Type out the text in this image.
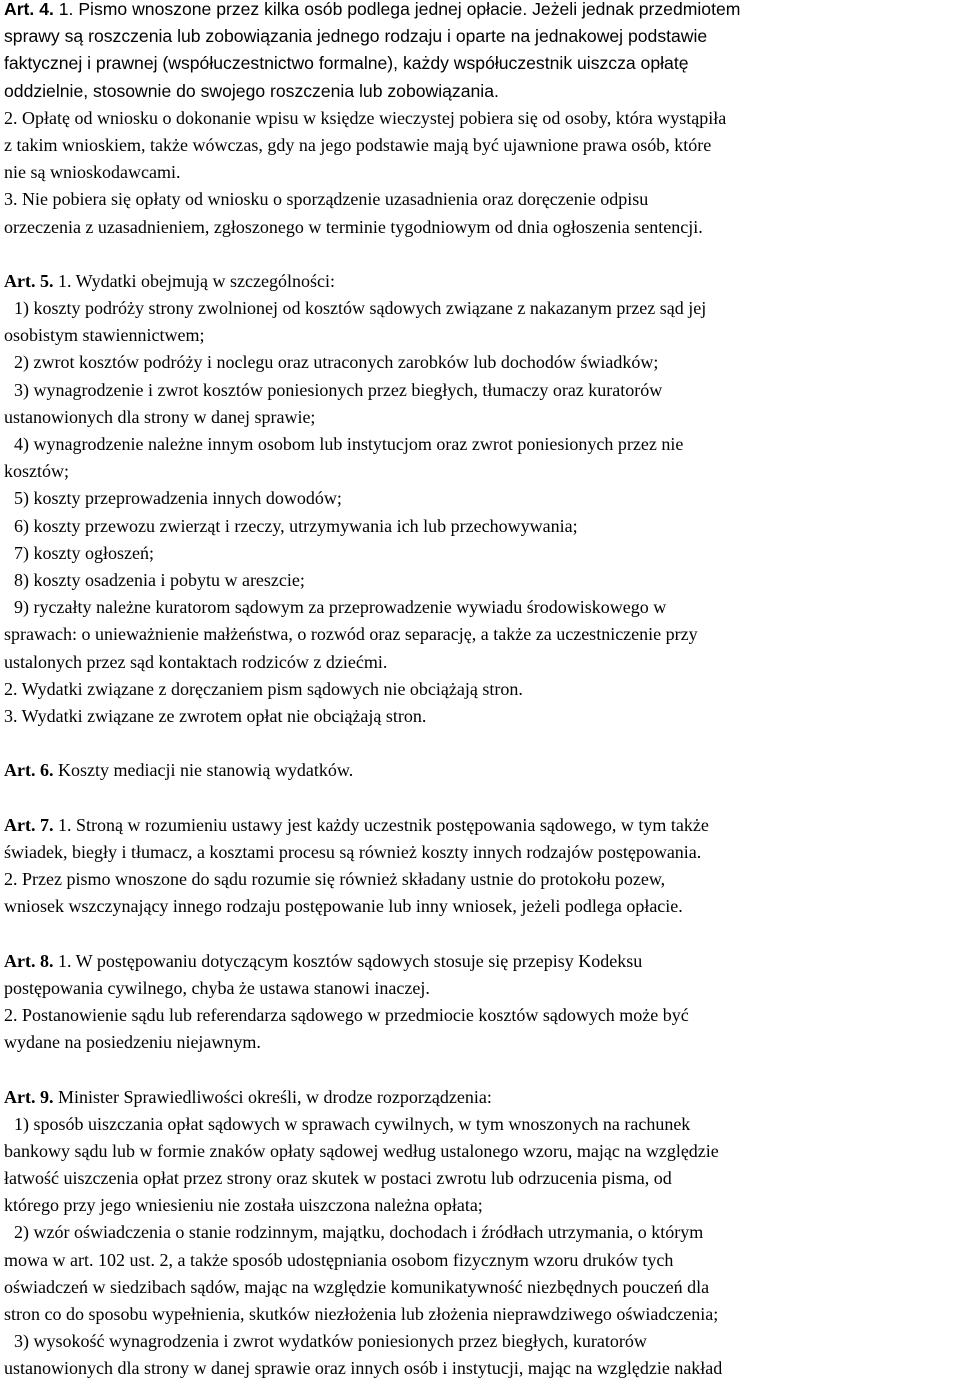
Art. 4. 1. Pismo wnoszone przez kilka osób podlega jednej opłacie. Jeżeli jednak przedmiotem
sprawy są roszczenia lub zobowiązania jednego rodzaju i oparte na jednakowej podstawie
faktycznej i prawnej (współuczestnictwo formalne), każdy współuczestnik uiszcza opłatę
oddzielnie, stosownie do swojego roszczenia lub zobowiązania.
2. Opłatę od wniosku o dokonanie wpisu w księdze wieczystej pobiera się od osoby, która wystąpiła
z takim wnioskiem, także wówczas, gdy na jego podstawie mają być ujawnione prawa osób, które
nie są wnioskodawcami.
3. Nie pobiera się opłaty od wniosku o sporządzenie uzasadnienia oraz doręczenie odpisu
orzeczenia z uzasadnieniem, zgłoszonego w terminie tygodniowym od dnia ogłoszenia sentencji.
Art. 5. 1. Wydatki obejmują w szczególności:
1) koszty podróży strony zwolnionej od kosztów sądowych związane z nakazanym przez sąd jej
osobistym stawiennictwem;
2) zwrot kosztów podróży i noclegu oraz utraconych zarobków lub dochodów świadków;
3) wynagrodzenie i zwrot kosztów poniesionych przez biegłych, tłumaczy oraz kuratorów
ustanowionych dla strony w danej sprawie;
4) wynagrodzenie należne innym osobom lub instytucjom oraz zwrot poniesionych przez nie
kosztów;
5) koszty przeprowadzenia innych dowodów;
6) koszty przewozu zwierząt i rzeczy, utrzymywania ich lub przechowywania;
7) koszty ogłoszeń;
8) koszty osadzenia i pobytu w areszcie;
9) ryczałty należne kuratorom sądowym za przeprowadzenie wywiadu środowiskowego w
sprawach: o unieważnienie małżeństwa, o rozwód oraz separację, a także za uczestniczenie przy
ustalonych przez sąd kontaktach rodziców z dziećmi.
2. Wydatki związane z doręczaniem pism sądowych nie obciążają stron.
3. Wydatki związane ze zwrotem opłat nie obciążają stron.
Art. 6. Koszty mediacji nie stanowią wydatków.
Art. 7. 1. Stroną w rozumieniu ustawy jest każdy uczestnik postępowania sądowego, w tym także
świadek, biegły i tłumacz, a kosztami procesu są również koszty innych rodzajów postępowania.
2. Przez pismo wnoszone do sądu rozumie się również składany ustnie do protokołu pozew,
wniosek wszczynający innego rodzaju postępowanie lub inny wniosek, jeżeli podlega opłacie.
Art. 8. 1. W postępowaniu dotyczącym kosztów sądowych stosuje się przepisy Kodeksu
postępowania cywilnego, chyba że ustawa stanowi inaczej.
2. Postanowienie sądu lub referendarza sądowego w przedmiocie kosztów sądowych może być
wydane na posiedzeniu niejawnym.
Art. 9. Minister Sprawiedliwości określi, w drodze rozporządzenia:
1) sposób uiszczania opłat sądowych w sprawach cywilnych, w tym wnoszonych na rachunek
bankowy sądu lub w formie znaków opłaty sądowej według ustalonego wzoru, mając na względzie
łatwość uiszczenia opłat przez strony oraz skutek w postaci zwrotu lub odrzucenia pisma, od
którego przy jego wniesieniu nie została uiszczona należna opłata;
2) wzór oświadczenia o stanie rodzinnym, majątku, dochodach i źródłach utrzymania, o którym
mowa w art. 102 ust. 2, a także sposób udostępniania osobom fizycznym wzoru druków tych
oświadczeń w siedzibach sądów, mając na względzie komunikatywność niezbędnych pouczeń dla
stron co do sposobu wypełnienia, skutków niezłożenia lub złożenia nieprawdziwego oświadczenia;
3) wysokość wynagrodzenia i zwrot wydatków poniesionych przez biegłych, kuratorów
ustanowionych dla strony w danej sprawie oraz innych osób i instytucji, mając na względzie nakład
